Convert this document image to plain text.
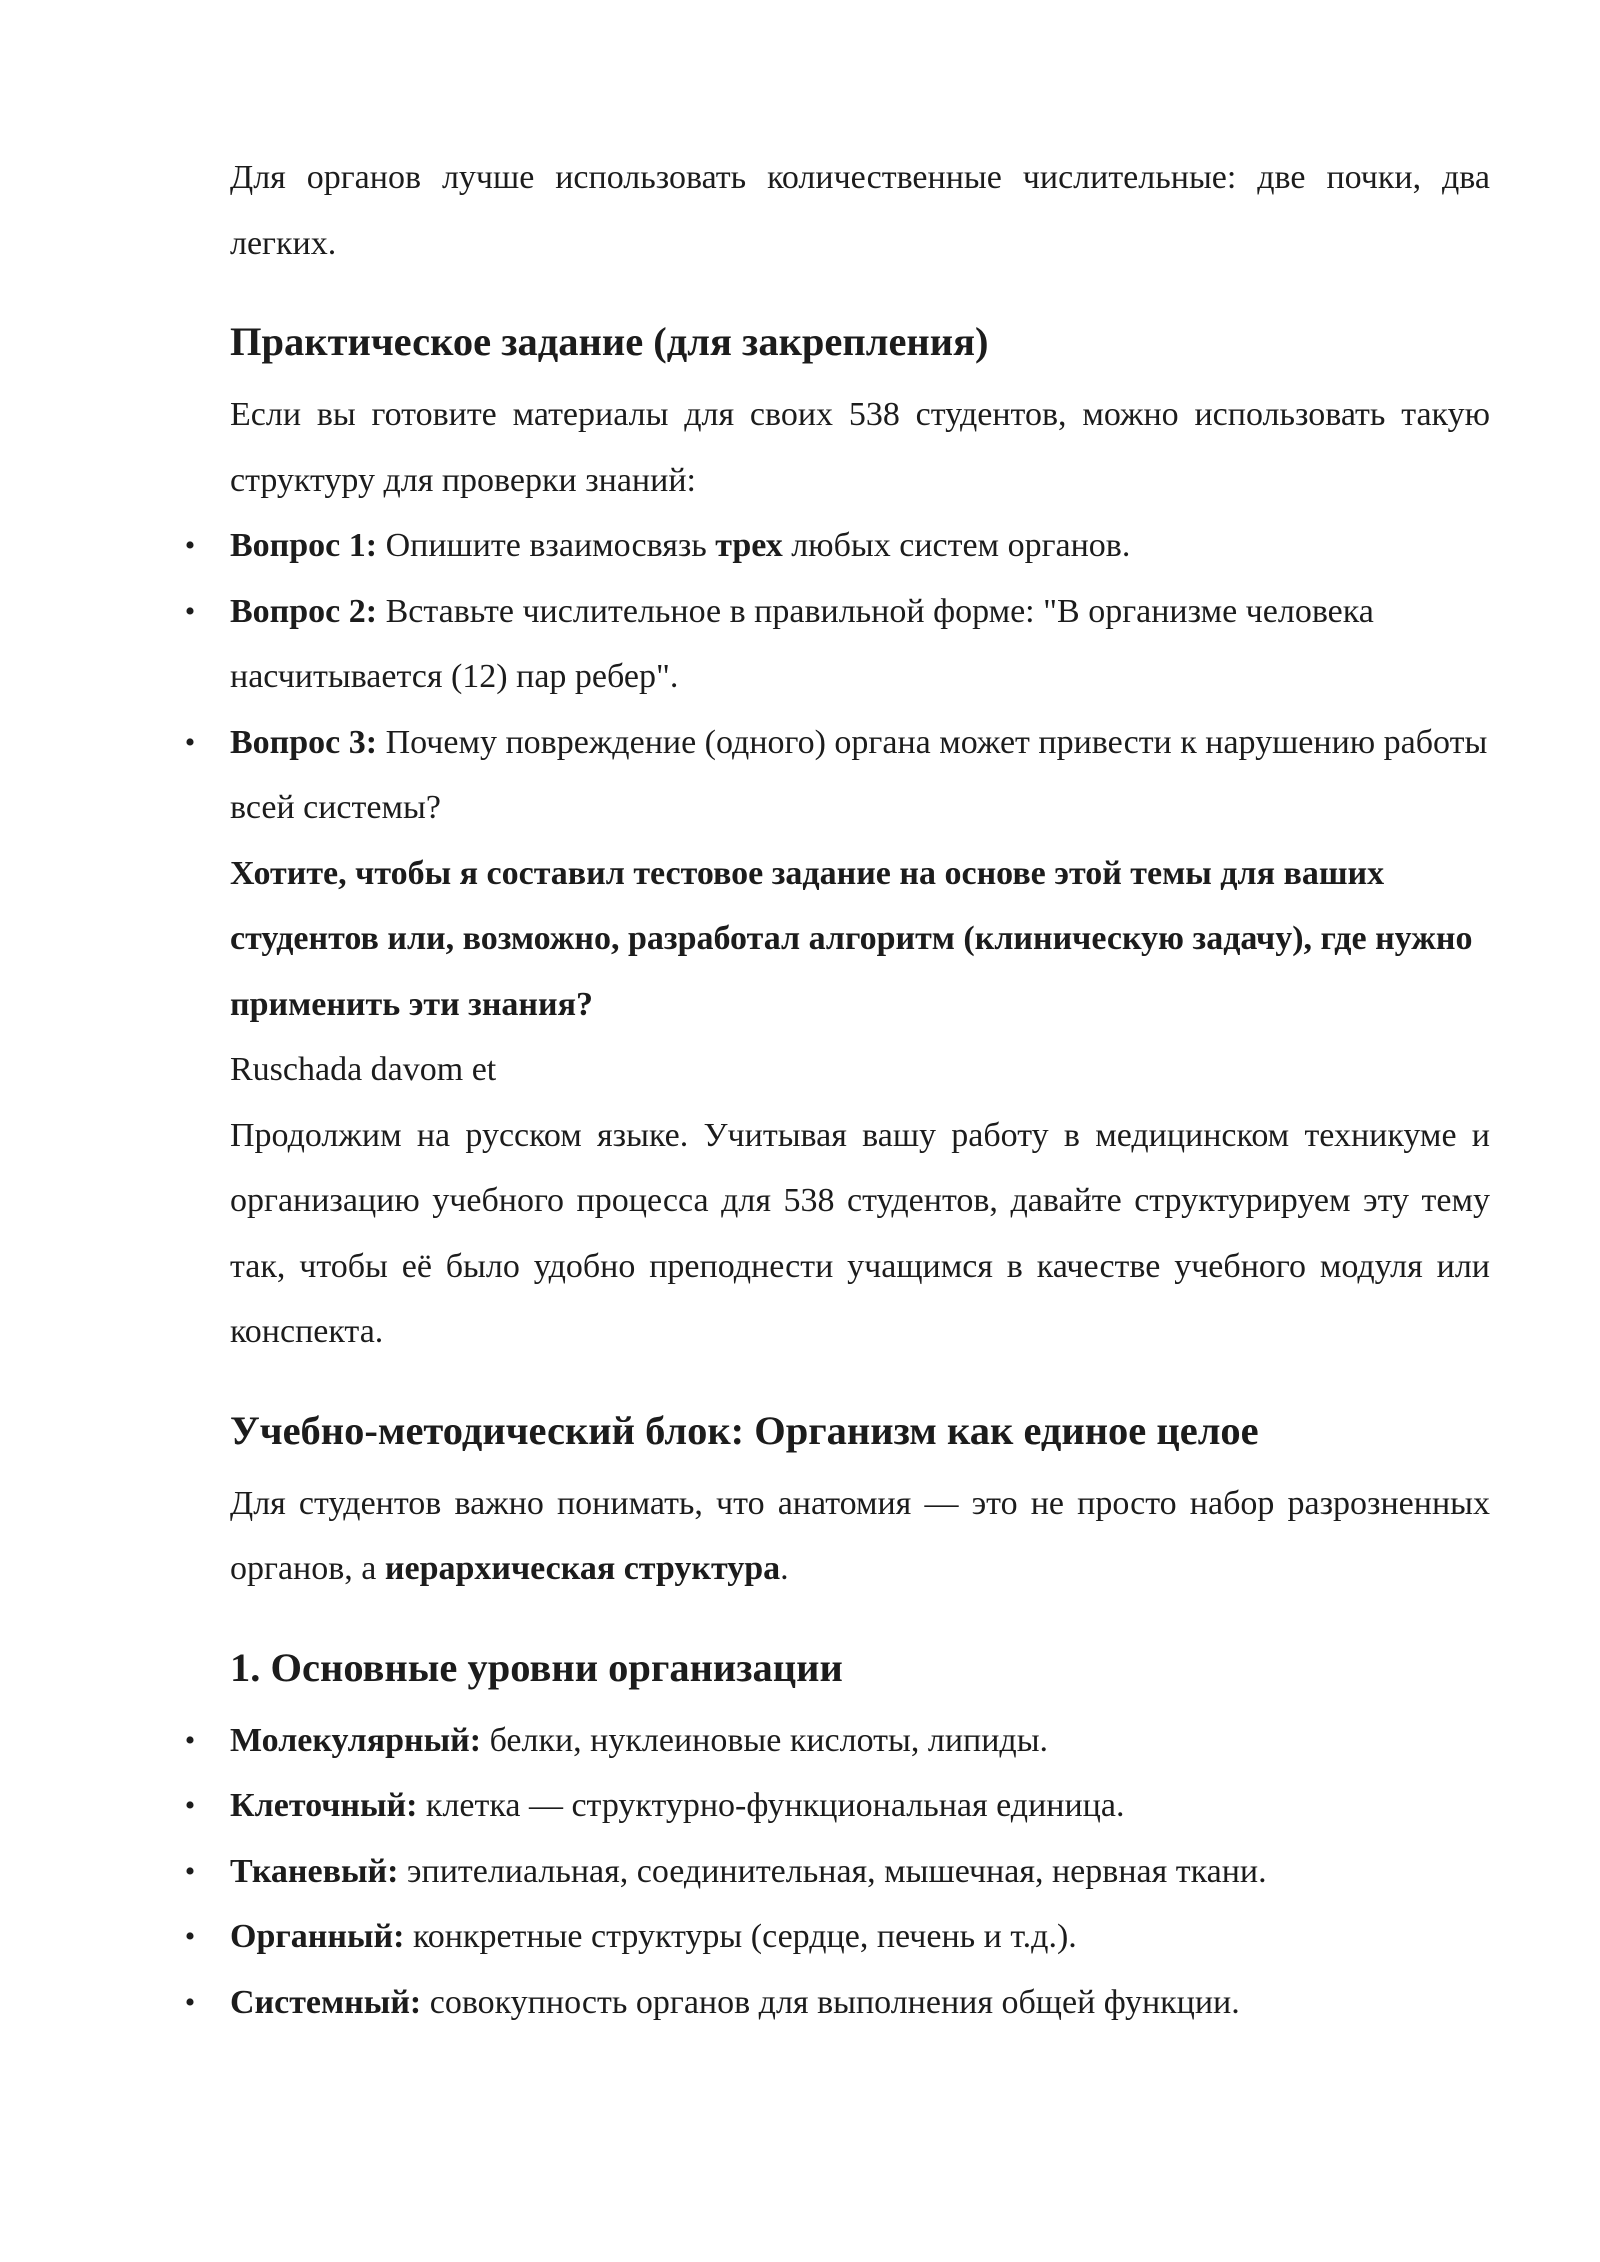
Для органов лучше использовать количественные числительные: две почки, два легких.

Практическое задание (для закрепления)

Если вы готовите материалы для своих 538 студентов, можно использовать такую структуру для проверки знаний:

• Вопрос 1: Опишите взаимосвязь трех любых систем органов.
• Вопрос 2: Вставьте числительное в правильной форме: "В организме человека насчитывается (12) пар ребер".
• Вопрос 3: Почему повреждение (одного) органа может привести к нарушению работы всей системы?

Хотите, чтобы я составил тестовое задание на основе этой темы для ваших студентов или, возможно, разработал алгоритм (клиническую задачу), где нужно применить эти знания?

Ruschada davom et

Продолжим на русском языке. Учитывая вашу работу в медицинском техникуме и организацию учебного процесса для 538 студентов, давайте структурируем эту тему так, чтобы её было удобно преподнести учащимся в качестве учебного модуля или конспекта.

Учебно-методический блок: Организм как единое целое

Для студентов важно понимать, что анатомия — это не просто набор разрозненных органов, а иерархическая структура.

1. Основные уровни организации
• Молекулярный: белки, нуклеиновые кислоты, липиды.
• Клеточный: клетка — структурно-функциональная единица.
• Тканевый: эпителиальная, соединительная, мышечная, нервная ткани.
• Органный: конкретные структуры (сердце, печень и т.д.).
• Системный: совокупность органов для выполнения общей функции.
